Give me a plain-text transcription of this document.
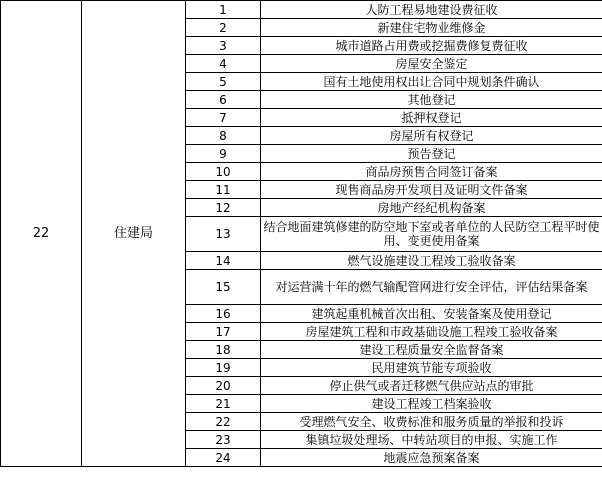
22	住建局	1	人防工程易地建设费征收
		2	新建住宅物业维修金
		3	城市道路占用费或挖掘费修复费征收
		4	房屋安全鉴定
		5	国有土地使用权出让合同中规划条件确认
		6	其他登记
		7	抵押权登记
		8	房屋所有权登记
		9	预告登记
		10	商品房预售合同签订备案
		11	现售商品房开发项目及证明文件备案
		12	房地产经纪机构备案
		13	结合地面建筑修建的防空地下室或者单位的人民防空工程平时使用、变更使用备案
		14	燃气设施建设工程竣工验收备案
		15	对运营满十年的燃气输配管网进行安全评估，评估结果备案
		16	建筑起重机械首次出租、安装备案及使用登记
		17	房屋建筑工程和市政基础设施工程竣工验收备案
		18	建设工程质量安全监督备案
		19	民用建筑节能专项验收
		20	停止供气或者迁移燃气供应站点的审批
		21	建设工程竣工档案验收
		22	受理燃气安全、收费标准和服务质量的举报和投诉
		23	集镇垃圾处理场、中转站项目的申报、实施工作
		24	地震应急预案备案
